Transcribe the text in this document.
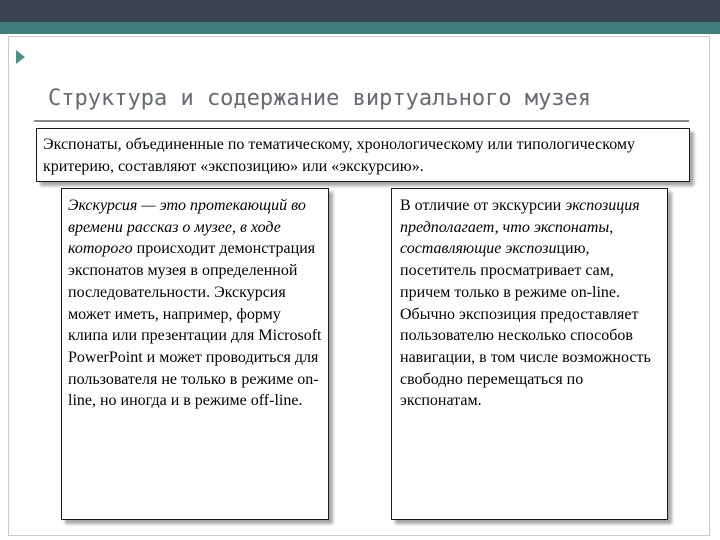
Структура и содержание виртуального музея
Экспонаты, объединенные по тематическому, хронологическому или типологическому критерию, составляют «экспозицию» или «экскурсию».
Экскурсия — это протекающий во времени рассказ о музее, в ходе которого происходит демонстрация экспонатов музея в определенной последовательности. Экскурсия может иметь, например, форму клипа или презентации для Microsoft PowerPoint и может проводиться для пользователя не только в режиме on-line, но иногда и в режиме off-line.
В отличие от экскурсии экспозиция предполагает, что экспонаты, составляющие экспозицию, посетитель просматривает сам, причем только в режиме on-line.
Обычно экспозиция предоставляет пользователю несколько способов навигации, в том числе возможность свободно перемещаться по экспонатам.
